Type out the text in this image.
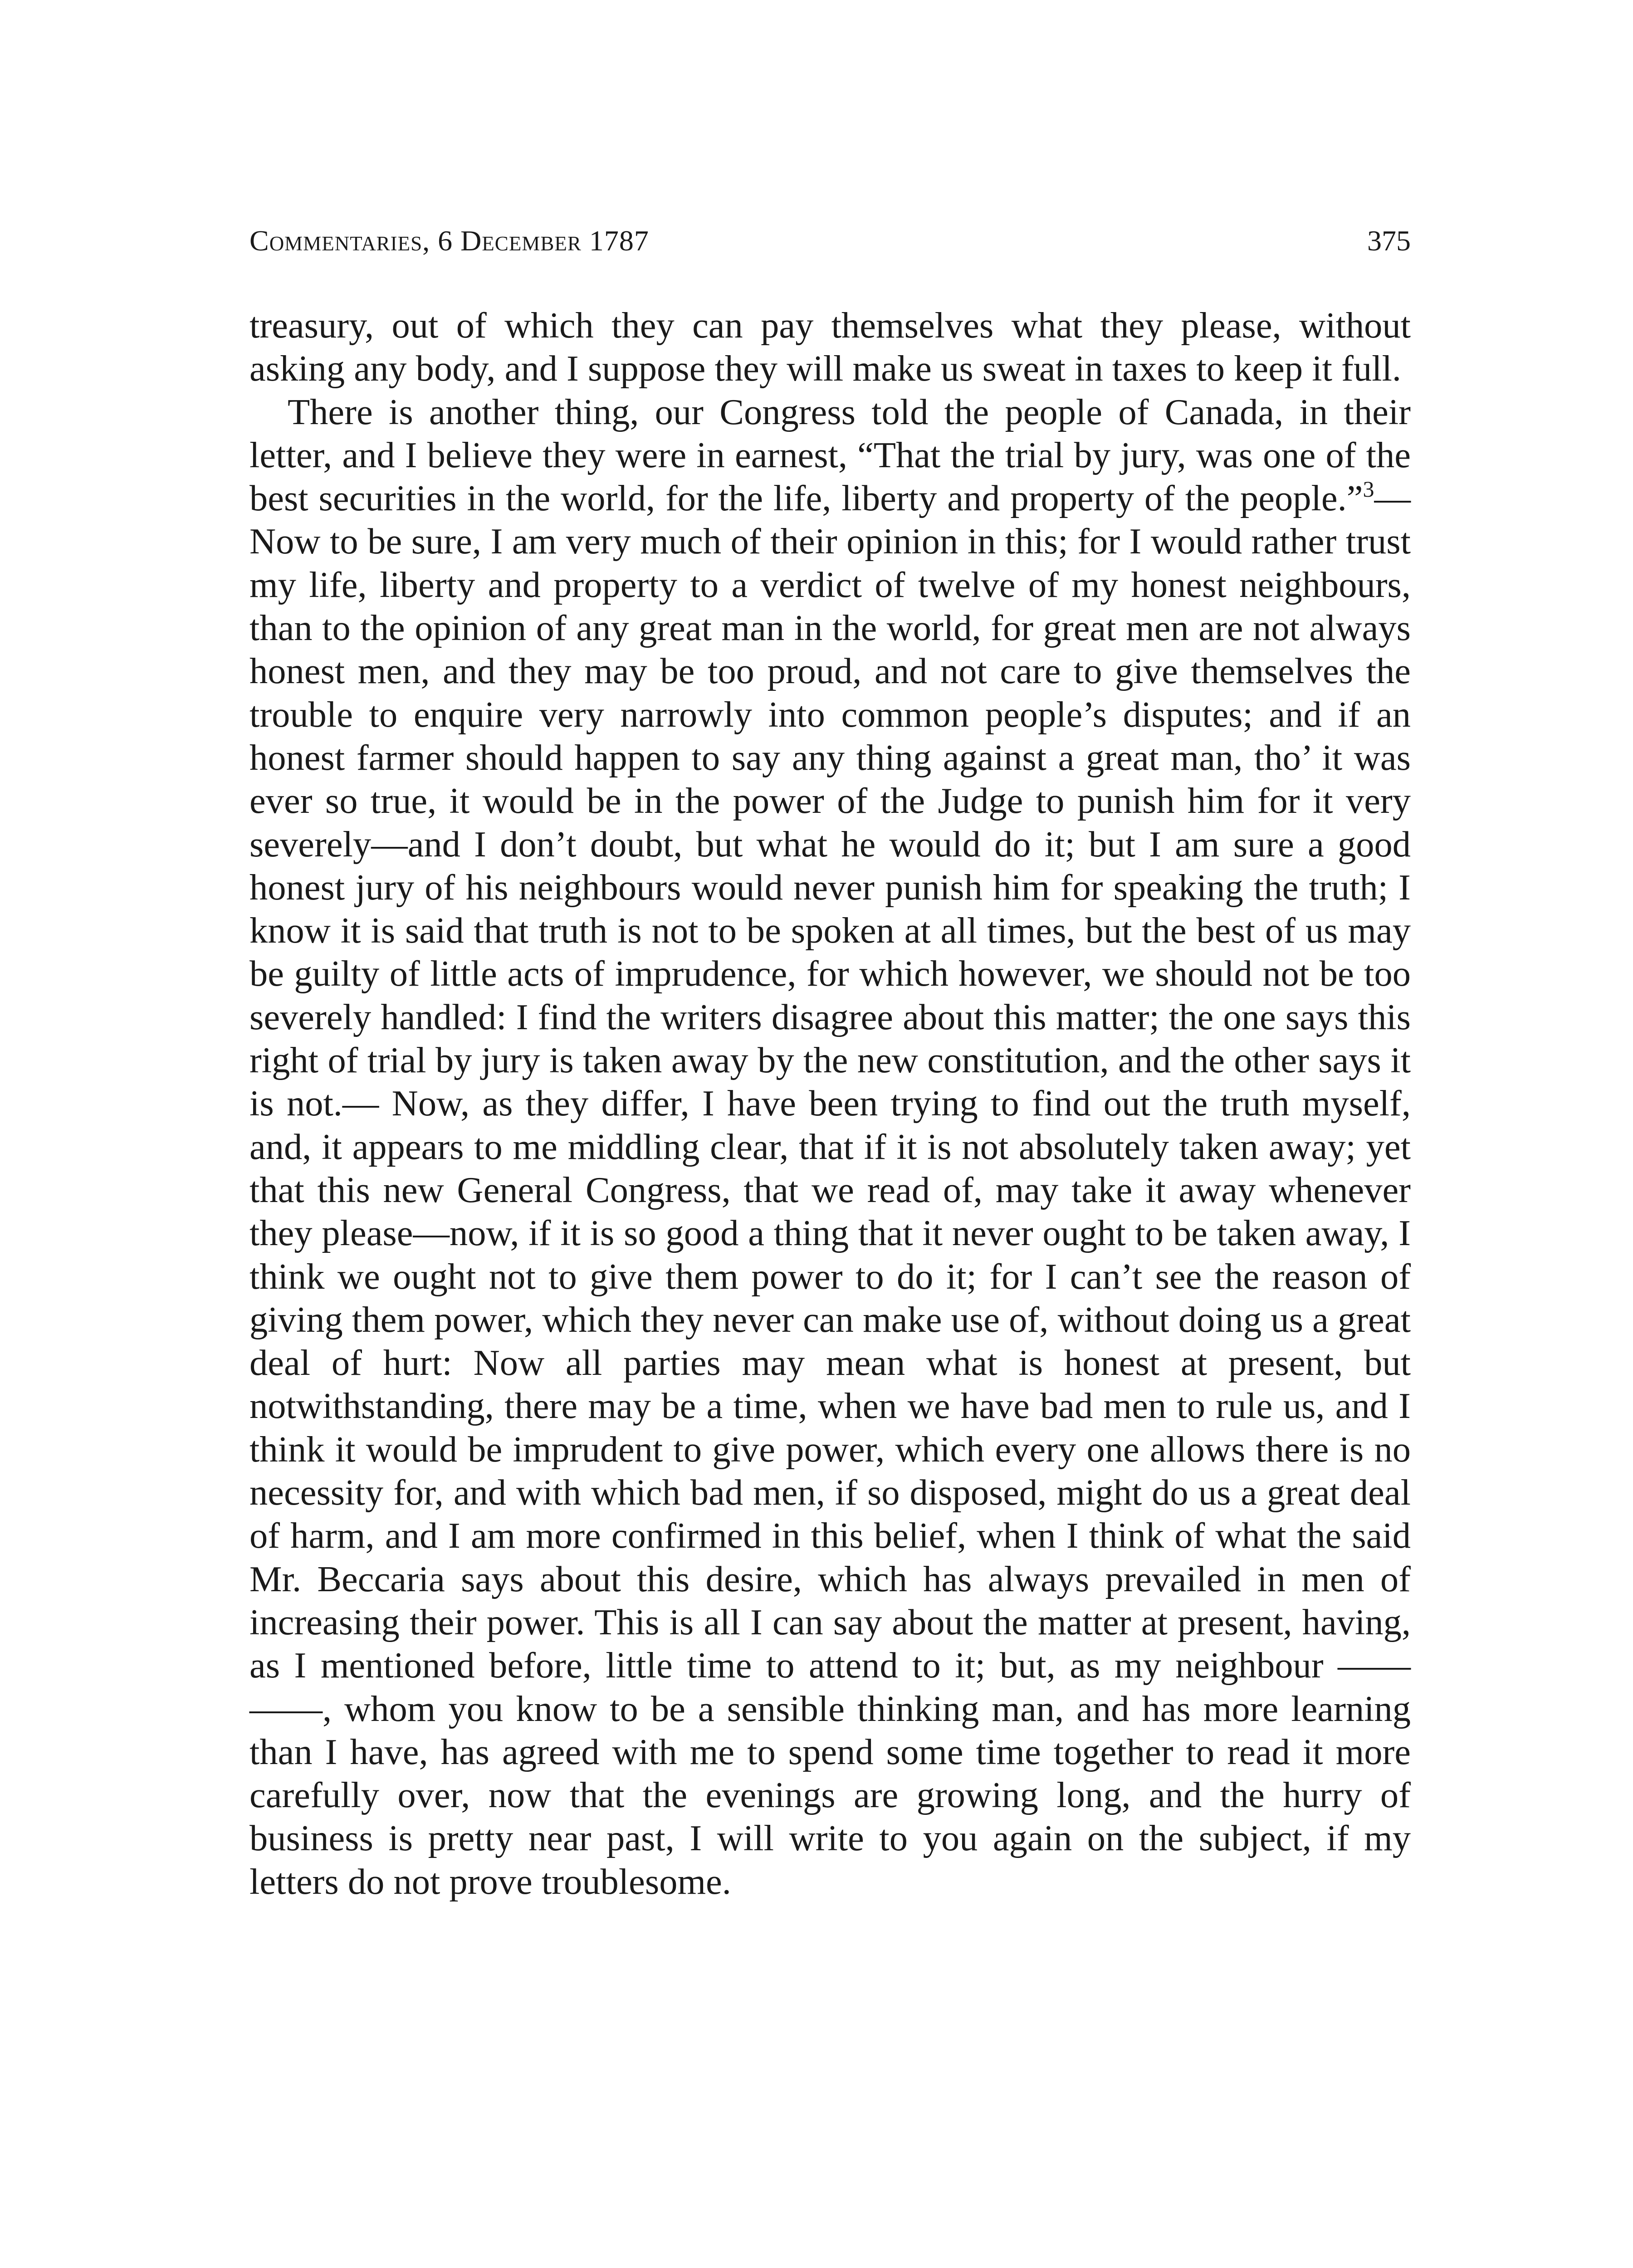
Commentaries, 6 December 1787	375

treasury, out of which they can pay themselves what they please, without asking any body, and I suppose they will make us sweat in taxes to keep it full.

There is another thing, our Congress told the people of Canada, in their letter, and I believe they were in earnest, “That the trial by jury, was one of the best securities in the world, for the life, liberty and property of the people.”$^3$—Now to be sure, I am very much of their opinion in this; for I would rather trust my life, liberty and property to a verdict of twelve of my honest neighbours, than to the opinion of any great man in the world, for great men are not always honest men, and they may be too proud, and not care to give themselves the trouble to enquire very narrowly into common people’s disputes; and if an honest farmer should happen to say any thing against a great man, tho’ it was ever so true, it would be in the power of the Judge to punish him for it very severely—and I don’t doubt, but what he would do it; but I am sure a good honest jury of his neighbours would never punish him for speaking the truth; I know it is said that truth is not to be spoken at all times, but the best of us may be guilty of little acts of imprudence, for which however, we should not be too severely handled: I find the writers disagree about this matter; the one says this right of trial by jury is taken away by the new constitution, and the other says it is not.— Now, as they differ, I have been trying to find out the truth myself, and, it appears to me middling clear, that if it is not absolutely taken away; yet that this new General Congress, that we read of, may take it away whenever they please—now, if it is so good a thing that it never ought to be taken away, I think we ought not to give them power to do it; for I can’t see the reason of giving them power, which they never can make use of, without doing us a great deal of hurt: Now all parties may mean what is honest at present, but notwithstanding, there may be a time, when we have bad men to rule us, and I think it would be imprudent to give power, which every one allows there is no necessity for, and with which bad men, if so disposed, might do us a great deal of harm, and I am more confirmed in this belief, when I think of what the said Mr. Beccaria says about this desire, which has always prevailed in men of increasing their power. This is all I can say about the matter at present, having, as I mentioned before, little time to attend to it; but, as my neighbour —— ——, whom you know to be a sensible thinking man, and has more learning than I have, has agreed with me to spend some time together to read it more carefully over, now that the evenings are growing long, and the hurry of business is pretty near past, I will write to you again on the subject, if my letters do not prove troublesome.
